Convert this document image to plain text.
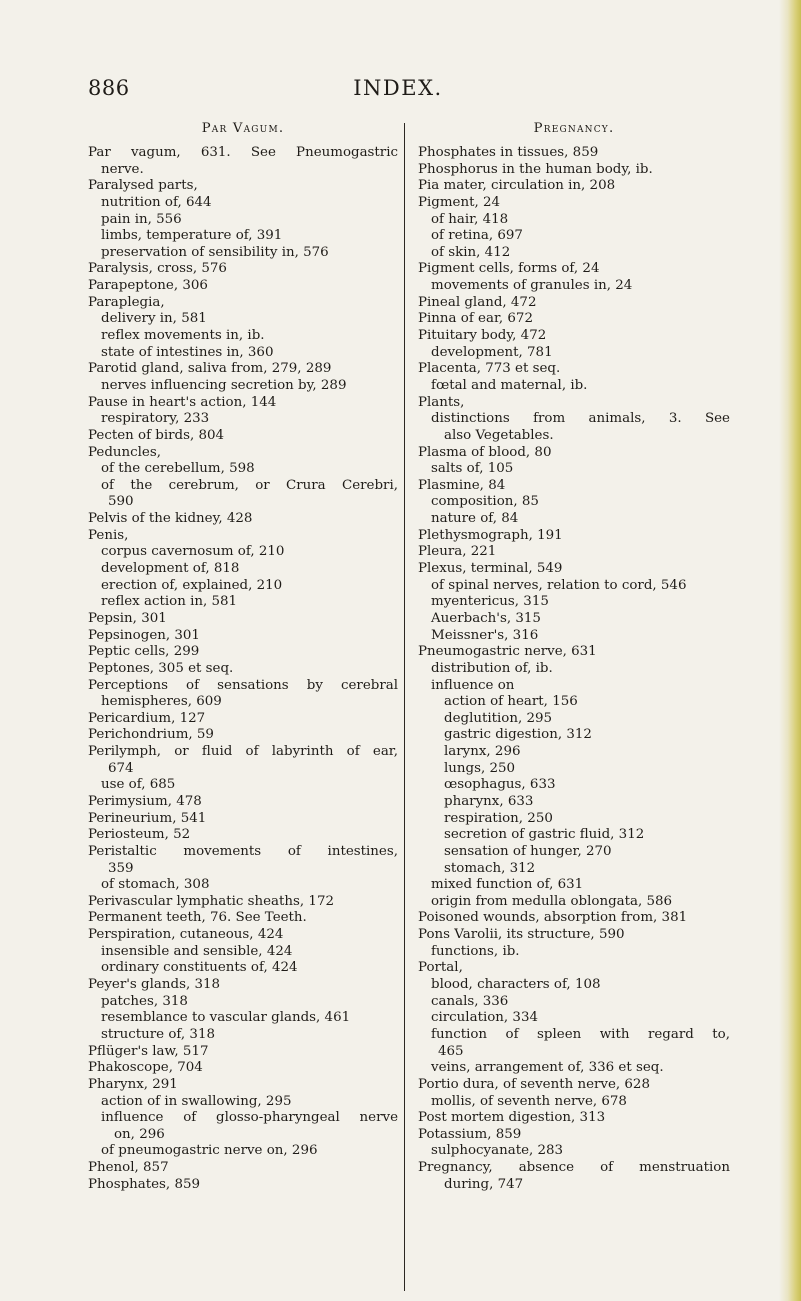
886	INDEX.
Par Vagum.
Par vagum, 631. See Pneumogastric
nerve.
Paralysed parts,
nutrition of, 644
pain in, 556
limbs, temperature of, 391
preservation of sensibility in, 576
Paralysis, cross, 576
Parapeptone, 306
Paraplegia,
delivery in, 581
reflex movements in, ib.
state of intestines in, 360
Parotid gland, saliva from, 279, 289
nerves influencing secretion by, 289
Pause in heart's action, 144
respiratory, 233
Pecten of birds, 804
Peduncles,
of the cerebellum, 598
of the cerebrum, or Crura Cerebri,
590
Pelvis of the kidney, 428
Penis,
corpus cavernosum of, 210
development of, 818
erection of, explained, 210
reflex action in, 581
Pepsin, 301
Pepsinogen, 301
Peptic cells, 299
Peptones, 305 et seq.
Perceptions of sensations by cerebral
hemispheres, 609
Pericardium, 127
Perichondrium, 59
Perilymph, or fluid of labyrinth of ear,
674
use of, 685
Perimysium, 478
Perineurium, 541
Periosteum, 52
Peristaltic movements of intestines,
359
of stomach, 308
Perivascular lymphatic sheaths, 172
Permanent teeth, 76. See Teeth.
Perspiration, cutaneous, 424
insensible and sensible, 424
ordinary constituents of, 424
Peyer's glands, 318
patches, 318
resemblance to vascular glands, 461
structure of, 318
Pflüger's law, 517
Phakoscope, 704
Pharynx, 291
action of in swallowing, 295
influence of glosso-pharyngeal nerve
on, 296
of pneumogastric nerve on, 296
Phenol, 857
Phosphates, 859
Pregnancy.
Phosphates in tissues, 859
Phosphorus in the human body, ib.
Pia mater, circulation in, 208
Pigment, 24
of hair, 418
of retina, 697
of skin, 412
Pigment cells, forms of, 24
movements of granules in, 24
Pineal gland, 472
Pinna of ear, 672
Pituitary body, 472
development, 781
Placenta, 773 et seq.
fœtal and maternal, ib.
Plants,
distinctions from animals, 3. See
also Vegetables.
Plasma of blood, 80
salts of, 105
Plasmine, 84
composition, 85
nature of, 84
Plethysmograph, 191
Pleura, 221
Plexus, terminal, 549
of spinal nerves, relation to cord, 546
myentericus, 315
Auerbach's, 315
Meissner's, 316
Pneumogastric nerve, 631
distribution of, ib.
influence on
action of heart, 156
deglutition, 295
gastric digestion, 312
larynx, 296
lungs, 250
œsophagus, 633
pharynx, 633
respiration, 250
secretion of gastric fluid, 312
sensation of hunger, 270
stomach, 312
mixed function of, 631
origin from medulla oblongata, 586
Poisoned wounds, absorption from, 381
Pons Varolii, its structure, 590
functions, ib.
Portal,
blood, characters of, 108
canals, 336
circulation, 334
function of spleen with regard to,
465
veins, arrangement of, 336 et seq.
Portio dura, of seventh nerve, 628
mollis, of seventh nerve, 678
Post mortem digestion, 313
Potassium, 859
sulphocyanate, 283
Pregnancy, absence of menstruation
during, 747
